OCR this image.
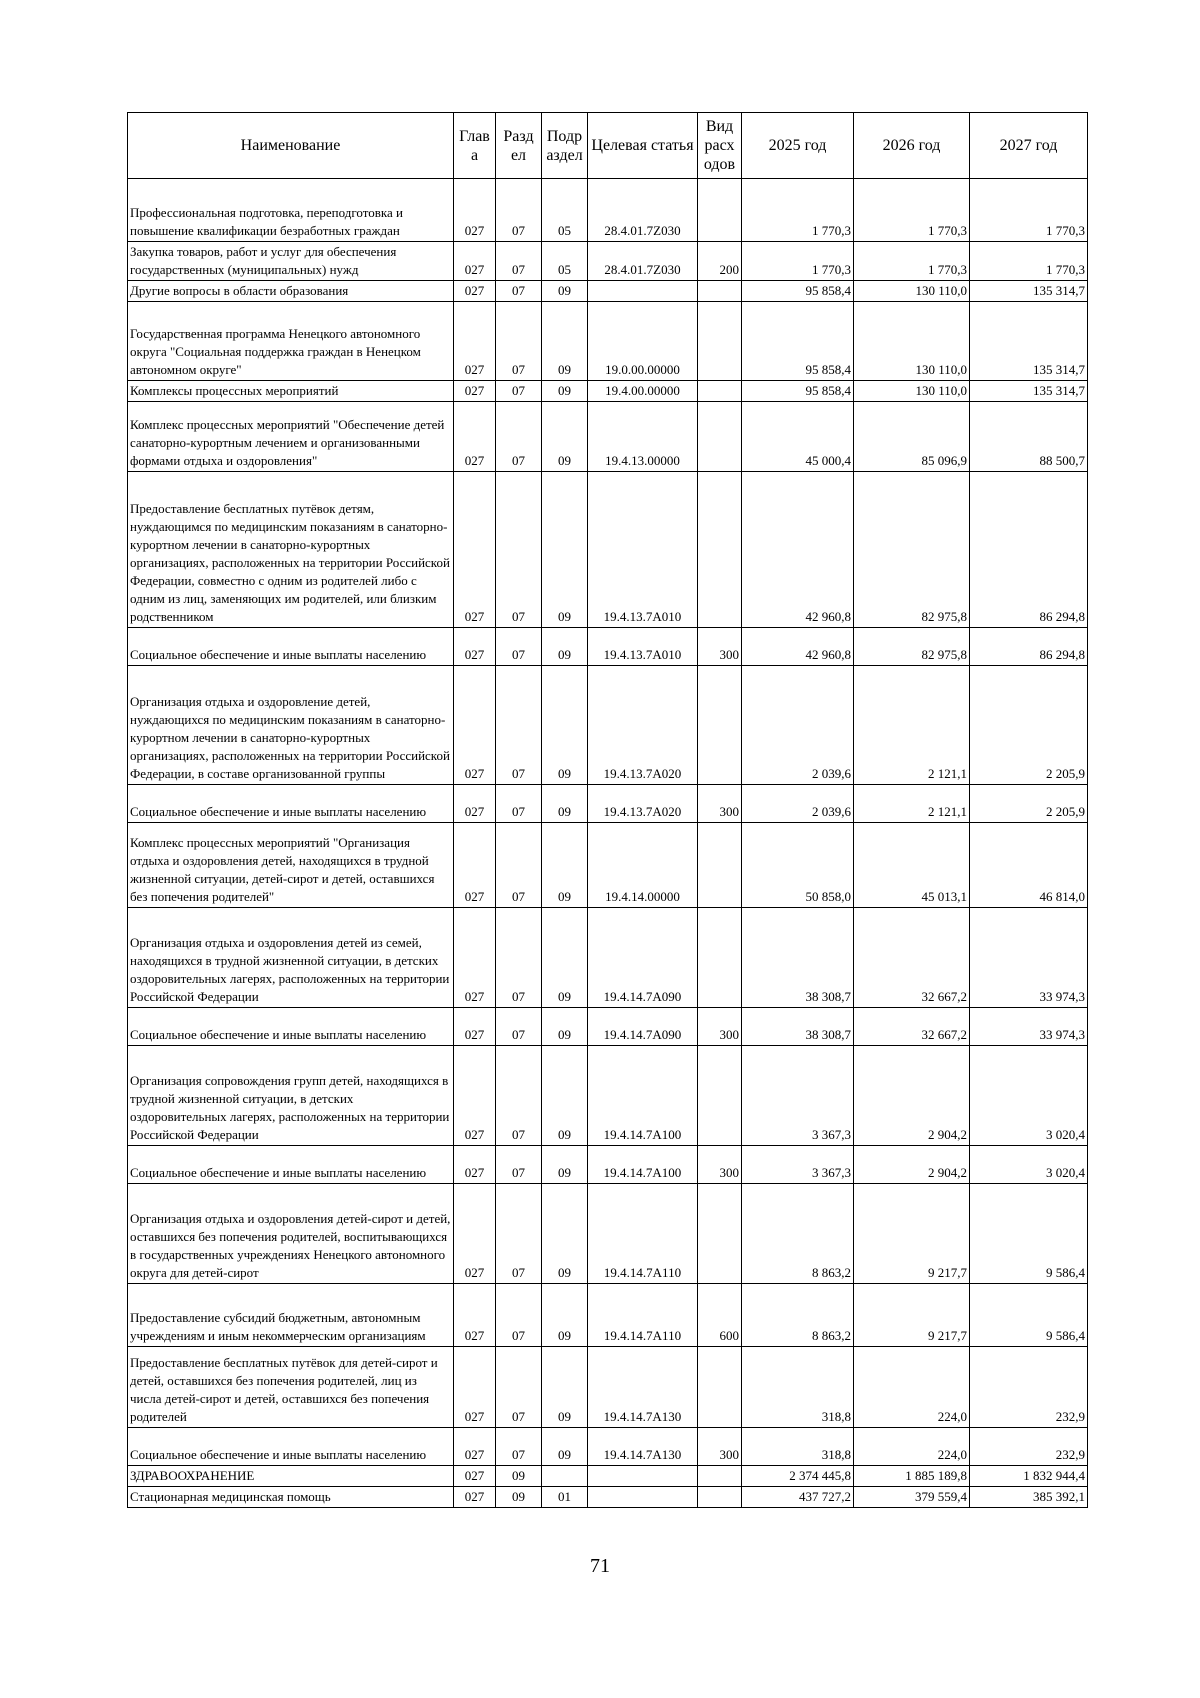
Наименование	Глав а	Разд ел	Подр аздел	Целевая статья	Вид расх одов	2025 год	2026 год	2027 год
Профессиональная подготовка, переподготовка и повышение квалификации безработных граждан	027	07	05	28.4.01.7Z030		1 770,3	1 770,3	1 770,3
Закупка товаров, работ и услуг для обеспечения государственных (муниципальных) нужд	027	07	05	28.4.01.7Z030	200	1 770,3	1 770,3	1 770,3
Другие вопросы в области образования	027	07	09			95 858,4	130 110,0	135 314,7
Государственная программа Ненецкого автономного округа "Социальная поддержка граждан в Ненецком автономном округе"	027	07	09	19.0.00.00000		95 858,4	130 110,0	135 314,7
Комплексы процессных мероприятий	027	07	09	19.4.00.00000		95 858,4	130 110,0	135 314,7
Комплекс процессных мероприятий "Обеспечение детей санаторно-курортным лечением и организованными формами отдыха и оздоровления"	027	07	09	19.4.13.00000		45 000,4	85 096,9	88 500,7
Предоставление бесплатных путёвок детям, нуждающимся по медицинским показаниям в санаторно-курортном лечении в санаторно-курортных организациях, расположенных на территории Российской Федерации, совместно с одним из родителей либо с одним из лиц, заменяющих им родителей, или близким родственником	027	07	09	19.4.13.7А010		42 960,8	82 975,8	86 294,8
Социальное обеспечение и иные выплаты населению	027	07	09	19.4.13.7А010	300	42 960,8	82 975,8	86 294,8
Организация отдыха и оздоровление детей, нуждающихся по медицинским показаниям в санаторно-курортном лечении в санаторно-курортных организациях, расположенных на территории Российской Федерации, в составе организованной группы	027	07	09	19.4.13.7А020		2 039,6	2 121,1	2 205,9
Социальное обеспечение и иные выплаты населению	027	07	09	19.4.13.7А020	300	2 039,6	2 121,1	2 205,9
Комплекс процессных мероприятий "Организация отдыха и оздоровления детей, находящихся в трудной жизненной ситуации, детей-сирот и детей, оставшихся без попечения родителей"	027	07	09	19.4.14.00000		50 858,0	45 013,1	46 814,0
Организация отдыха и оздоровления детей из семей, находящихся в трудной жизненной ситуации, в детских оздоровительных лагерях, расположенных на территории Российской Федерации	027	07	09	19.4.14.7А090		38 308,7	32 667,2	33 974,3
Социальное обеспечение и иные выплаты населению	027	07	09	19.4.14.7А090	300	38 308,7	32 667,2	33 974,3
Организация сопровождения групп детей, находящихся в трудной жизненной ситуации, в детских оздоровительных лагерях, расположенных на территории Российской Федерации	027	07	09	19.4.14.7А100		3 367,3	2 904,2	3 020,4
Социальное обеспечение и иные выплаты населению	027	07	09	19.4.14.7А100	300	3 367,3	2 904,2	3 020,4
Организация отдыха и оздоровления детей-сирот и детей, оставшихся без попечения родителей, воспитывающихся в государственных учреждениях Ненецкого автономного округа для детей-сирот	027	07	09	19.4.14.7А110		8 863,2	9 217,7	9 586,4
Предоставление субсидий бюджетным, автономным учреждениям и иным некоммерческим организациям	027	07	09	19.4.14.7А110	600	8 863,2	9 217,7	9 586,4
Предоставление бесплатных путёвок для детей-сирот и детей, оставшихся без попечения родителей, лиц из числа детей-сирот и детей, оставшихся без попечения родителей	027	07	09	19.4.14.7А130		318,8	224,0	232,9
Социальное обеспечение и иные выплаты населению	027	07	09	19.4.14.7А130	300	318,8	224,0	232,9
ЗДРАВООХРАНЕНИЕ	027	09				2 374 445,8	1 885 189,8	1 832 944,4
Стационарная медицинская помощь	027	09	01			437 727,2	379 559,4	385 392,1
71
